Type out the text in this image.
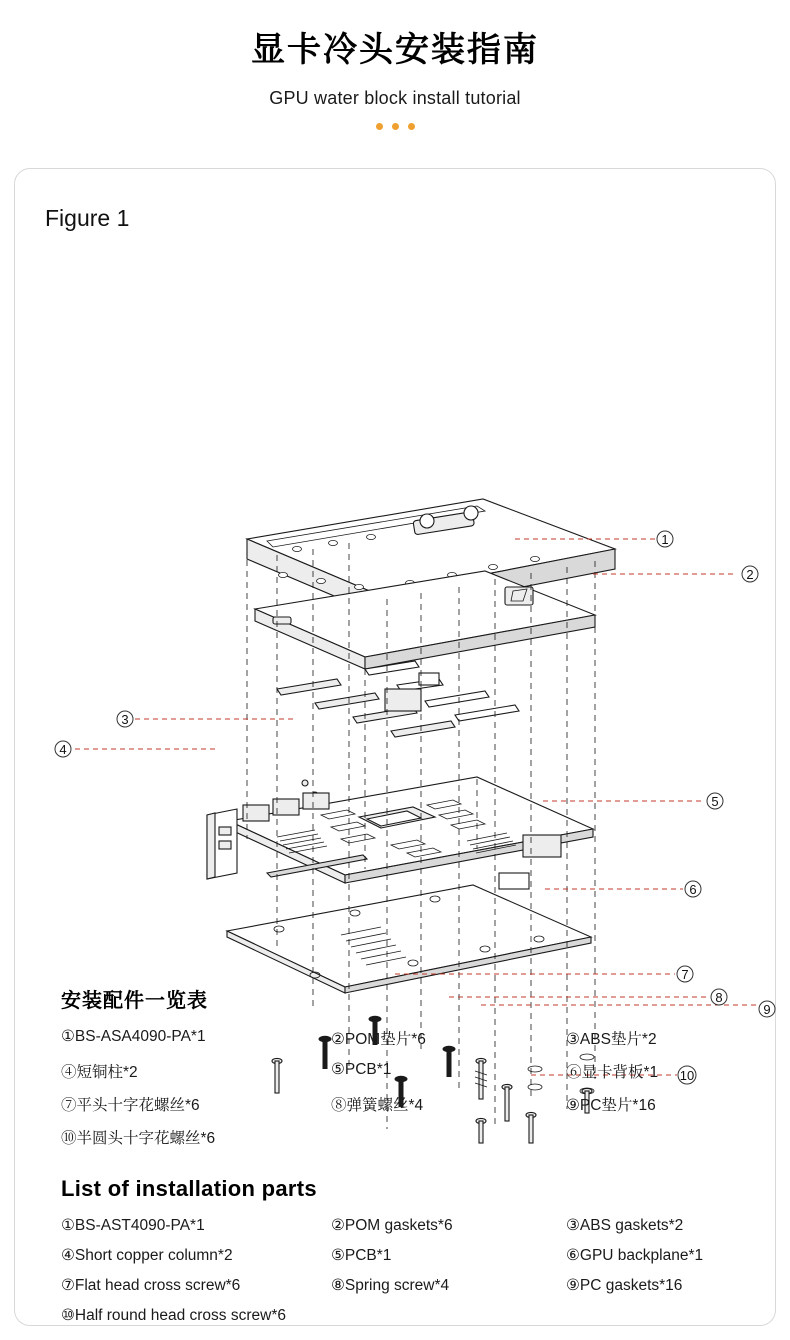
显卡冷头安装指南
GPU water block install tutorial
Figure 1
1
2
3
4
5
6
7
8
9
10
安装配件一览表
①BS-ASA4090-PA*1	②POM垫片*6	③ABS垫片*2
④短铜柱*2	⑤PCB*1	⑥显卡背板*1
⑦平头十字花螺丝*6	⑧弹簧螺丝*4	⑨PC垫片*16
⑩半圆头十字花螺丝*6
List of installation parts
①BS-AST4090-PA*1	②POM gaskets*6	③ABS gaskets*2
④Short copper column*2	⑤PCB*1	⑥GPU backplane*1
⑦Flat head cross screw*6	⑧Spring screw*4	⑨PC gaskets*16
⑩Half round head cross screw*6
